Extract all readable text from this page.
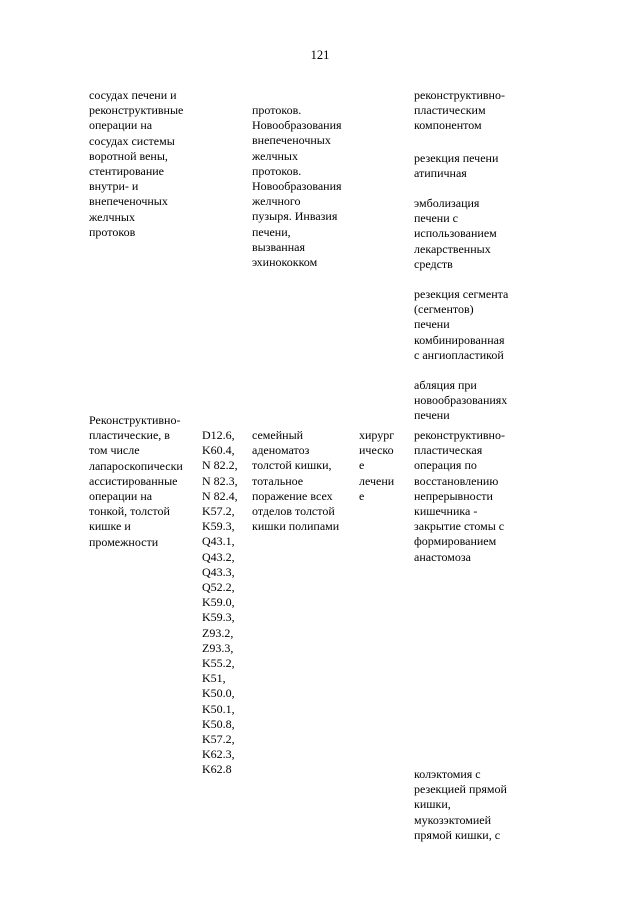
121
сосудах печени и
реконструктивные
операции на
сосудах системы
воротной вены,
стентирование
внутри- и
внепеченочных
желчных
протоков
протоков.
Новообразования
внепеченочных
желчных
протоков.
Новообразования
желчного
пузыря. Инвазия
печени,
вызванная
эхинококком
реконструктивно-
пластическим
компонентом
резекция печени
атипичная
эмболизация
печени с
использованием
лекарственных
средств
резекция сегмента
(сегментов)
печени
комбинированная
с ангиопластикой
абляция при
новообразованиях
печени
Реконструктивно-
пластические, в
том числе
лапароскопически
ассистированные
операции на
тонкой, толстой
кишке и
промежности
D12.6,
K60.4,
N 82.2,
N 82.3,
N 82.4,
K57.2,
K59.3,
Q43.1,
Q43.2,
Q43.3,
Q52.2,
K59.0,
K59.3,
Z93.2,
Z93.3,
K55.2,
K51,
K50.0,
K50.1,
K50.8,
K57.2,
K62.3,
K62.8
семейный
аденоматоз
толстой кишки,
тотальное
поражение всех
отделов толстой
кишки полипами
хирург
ическо
е
лечени
е
реконструктивно-
пластическая
операция по
восстановлению
непрерывности
кишечника -
закрытие стомы с
формированием
анастомоза
колэктомия с
резекцией прямой
кишки,
мукозэктомией
прямой кишки, с
